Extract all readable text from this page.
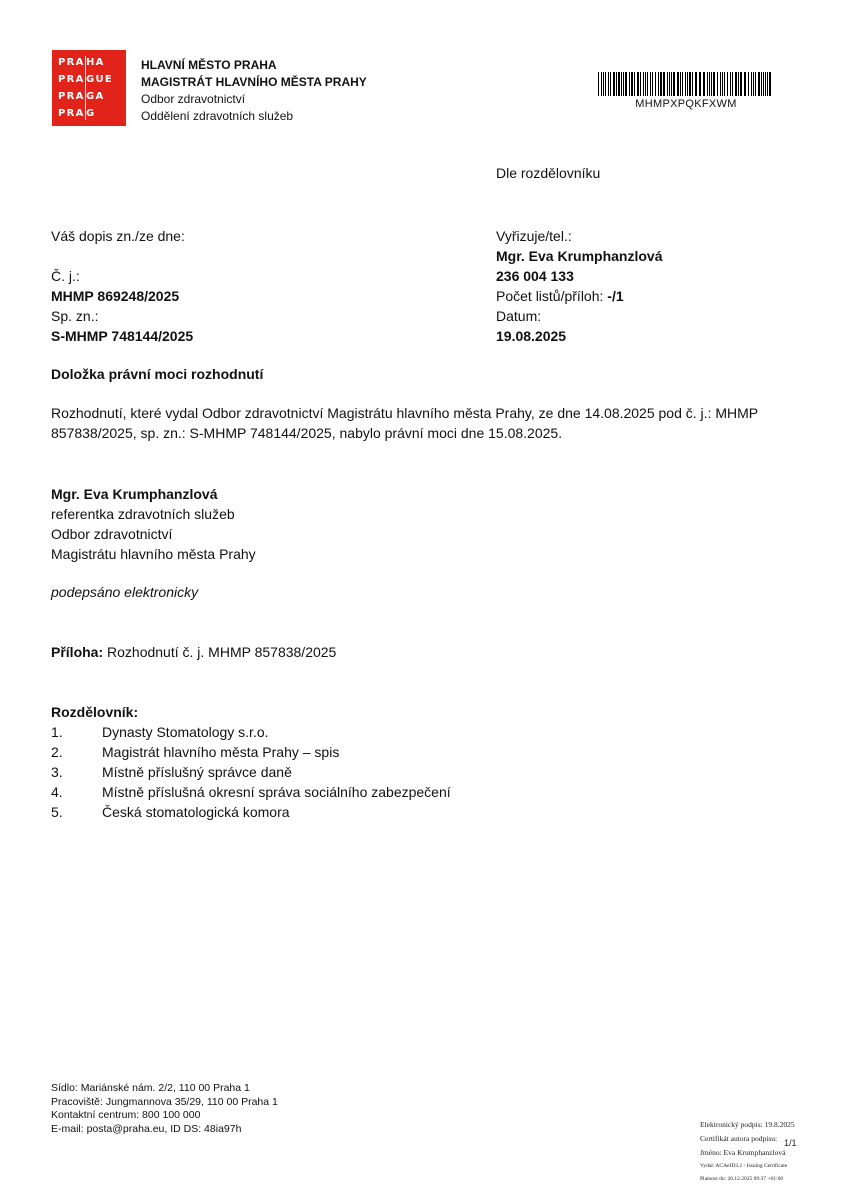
PRA HA
PRA GUE
PRA GA
PRA G
HLAVNÍ MĚSTO PRAHA
MAGISTRÁT HLAVNÍHO MĚSTA PRAHY
Odbor zdravotnictví
Oddělení zdravotních služeb
MHMPXPQKFXWM
Dle rozdělovníku
Váš dopis zn./ze dne:
Č. j.:
MHMP 869248/2025
Sp. zn.:
S-MHMP 748144/2025
Vyřizuje/tel.:
Mgr. Eva Krumphanzlová
236 004 133
Počet listů/příloh: -/1
Datum:
19.08.2025
Doložka právní moci rozhodnutí
Rozhodnutí, které vydal Odbor zdravotnictví Magistrátu hlavního města Prahy, ze dne 14.08.2025 pod č. j.: MHMP 857838/2025, sp. zn.: S-MHMP 748144/2025, nabylo právní moci dne 15.08.2025.
Mgr. Eva Krumphanzlová
referentka zdravotních služeb
Odbor zdravotnictví
Magistrátu hlavního města Prahy
podepsáno elektronicky
Příloha: Rozhodnutí č. j. MHMP 857838/2025
Rozdělovník:
1.	Dynasty Stomatology s.r.o.
2.	Magistrát hlavního města Prahy – spis
3.	Místně příslušný správce daně
4.	Místně příslušná okresní správa sociálního zabezpečení
5.	Česká stomatologická komora
Sídlo: Mariánské nám. 2/2, 110 00 Praha 1
Pracoviště: Jungmannova 35/29, 110 00 Praha 1
Kontaktní centrum: 800 100 000
E-mail: posta@praha.eu, ID DS: 48ia97h	Elektronický podpis: 19.8.2025
Certifikát autora podpisu:
Jméno: Eva Krumphanzlová
Vydal: ACAeID3.2 - Issuing Certificate
Platnost do: 20.12.2025 09:37 +01:00
1/1
